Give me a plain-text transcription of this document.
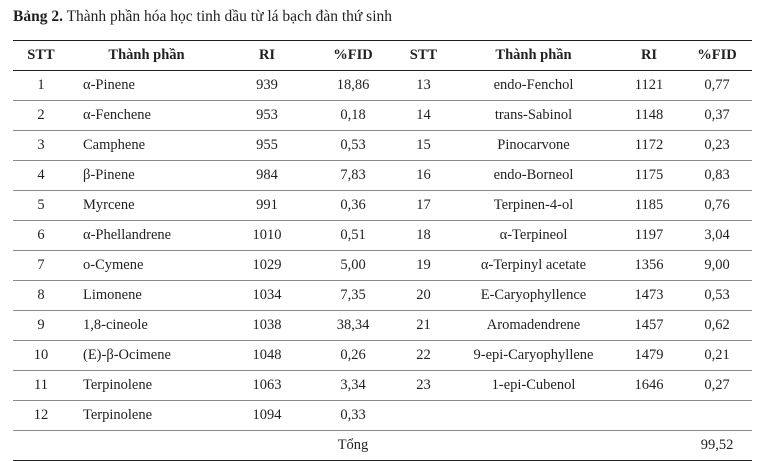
Bảng 2. Thành phần hóa học tinh dầu từ lá bạch đàn thứ sinh
STT	Thành phần	RI	%FID	STT	Thành phần	RI	%FID
1	α-Pinene	939	18,86	13	endo-Fenchol	1121	0,77
2	α-Fenchene	953	0,18	14	trans-Sabinol	1148	0,37
3	Camphene	955	0,53	15	Pinocarvone	1172	0,23
4	β-Pinene	984	7,83	16	endo-Borneol	1175	0,83
5	Myrcene	991	0,36	17	Terpinen-4-ol	1185	0,76
6	α-Phellandrene	1010	0,51	18	α-Terpineol	1197	3,04
7	o-Cymene	1029	5,00	19	α-Terpinyl acetate	1356	9,00
8	Limonene	1034	7,35	20	E-Caryophyllence	1473	0,53
9	1,8-cineole	1038	38,34	21	Aromadendrene	1457	0,62
10	(E)-β-Ocimene	1048	0,26	22	9-epi-Caryophyllene	1479	0,21
11	Terpinolene	1063	3,34	23	1-epi-Cubenol	1646	0,27
12	Terpinolene	1094	0,33				
			Tổng				99,52
